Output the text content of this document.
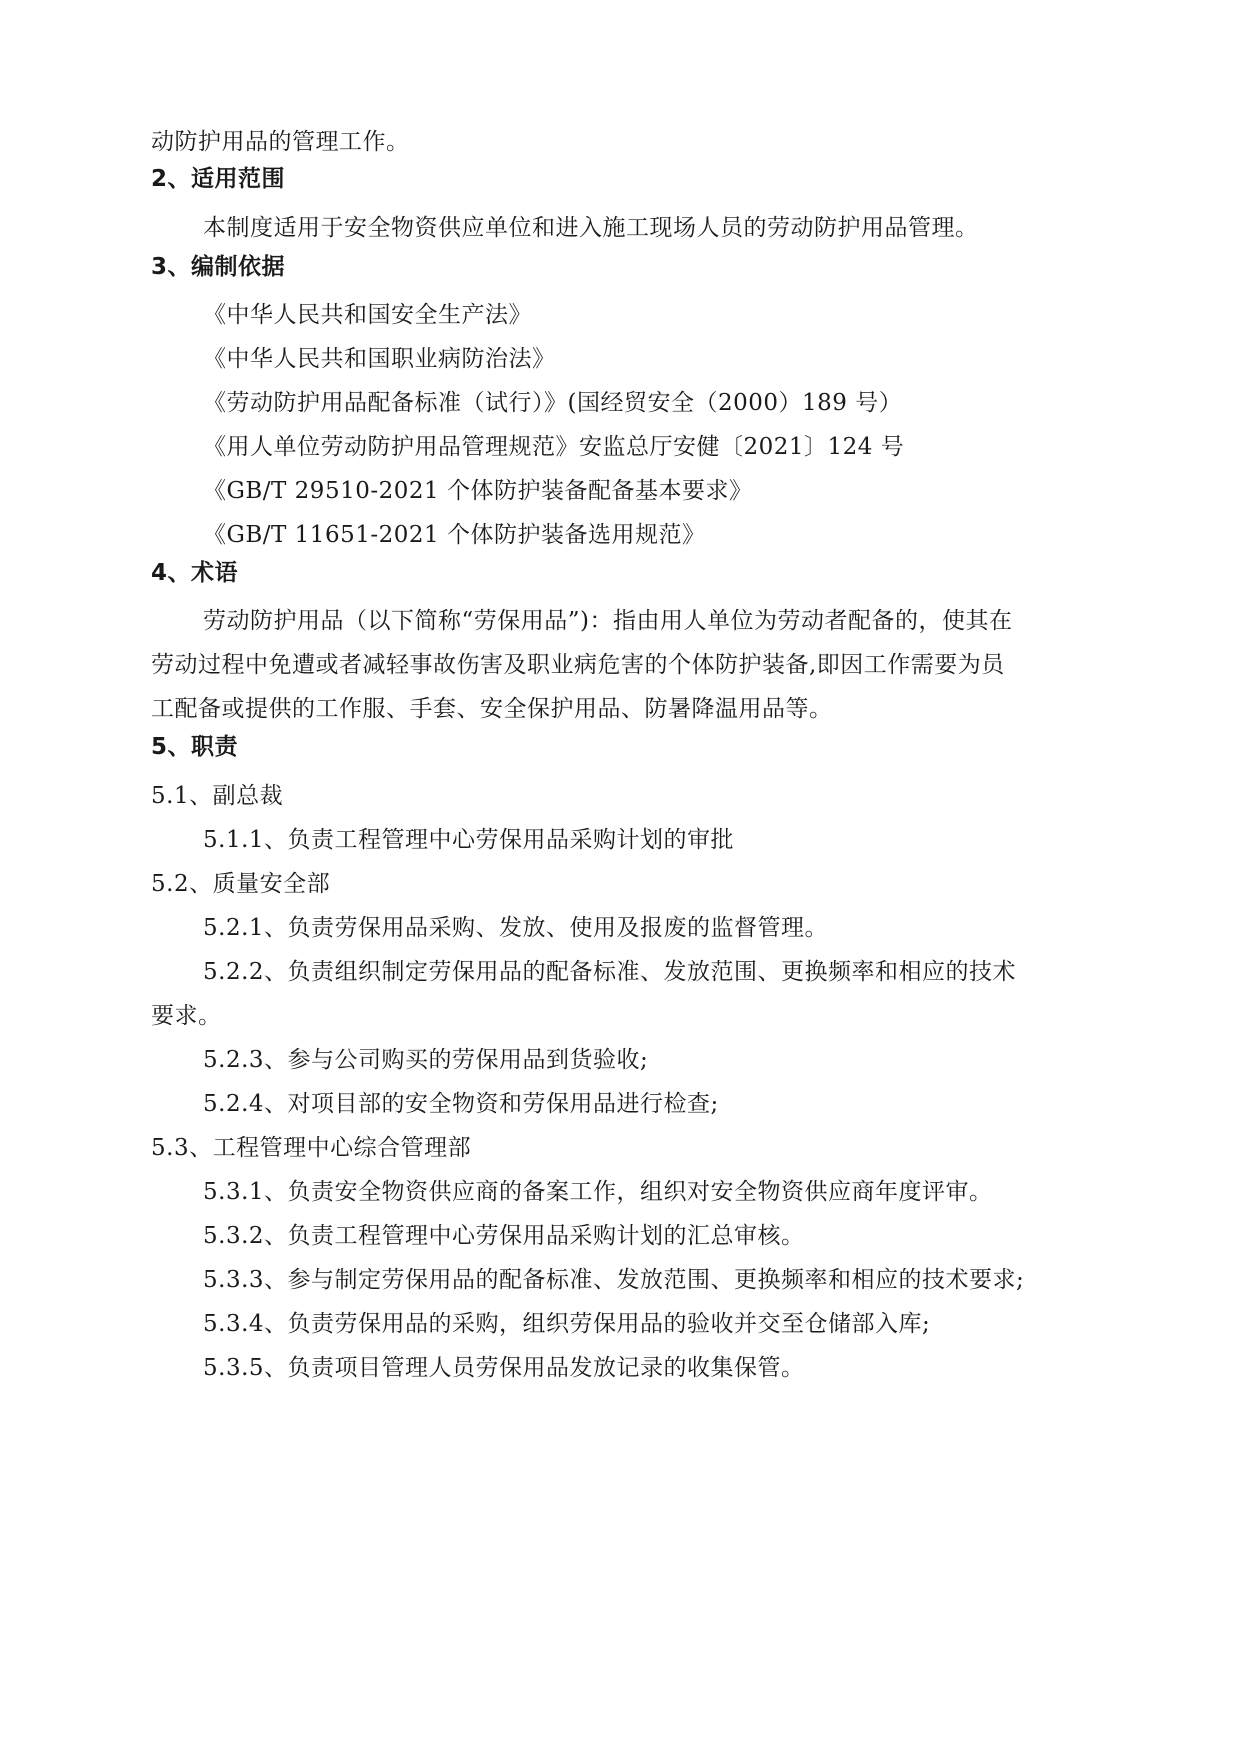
动防护用品的管理工作。
2、适用范围
本制度适用于安全物资供应单位和进入施工现场人员的劳动防护用品管理。
3、编制依据
《中华人民共和国安全生产法》
《中华人民共和国职业病防治法》
《劳动防护用品配备标准（试行）》(国经贸安全（2000）189 号）
《用人单位劳动防护用品管理规范》安监总厅安健〔2021〕124 号
《GB/T 29510-2021 个体防护装备配备基本要求》
《GB/T 11651-2021 个体防护装备选用规范》
4、术语
劳动防护用品（以下简称“劳保用品”)：指由用人单位为劳动者配备的，使其在
劳动过程中免遭或者减轻事故伤害及职业病危害的个体防护装备,即因工作需要为员
工配备或提供的工作服、手套、安全保护用品、防暑降温用品等。
5、职责
5.1、副总裁
5.1.1、负责工程管理中心劳保用品采购计划的审批
5.2、质量安全部
5.2.1、负责劳保用品采购、发放、使用及报废的监督管理。
5.2.2、负责组织制定劳保用品的配备标准、发放范围、更换频率和相应的技术
要求。
5.2.3、参与公司购买的劳保用品到货验收;
5.2.4、对项目部的安全物资和劳保用品进行检查;
5.3、工程管理中心综合管理部
5.3.1、负责安全物资供应商的备案工作，组织对安全物资供应商年度评审。
5.3.2、负责工程管理中心劳保用品采购计划的汇总审核。
5.3.3、参与制定劳保用品的配备标准、发放范围、更换频率和相应的技术要求;
5.3.4、负责劳保用品的采购，组织劳保用品的验收并交至仓储部入库;
5.3.5、负责项目管理人员劳保用品发放记录的收集保管。
